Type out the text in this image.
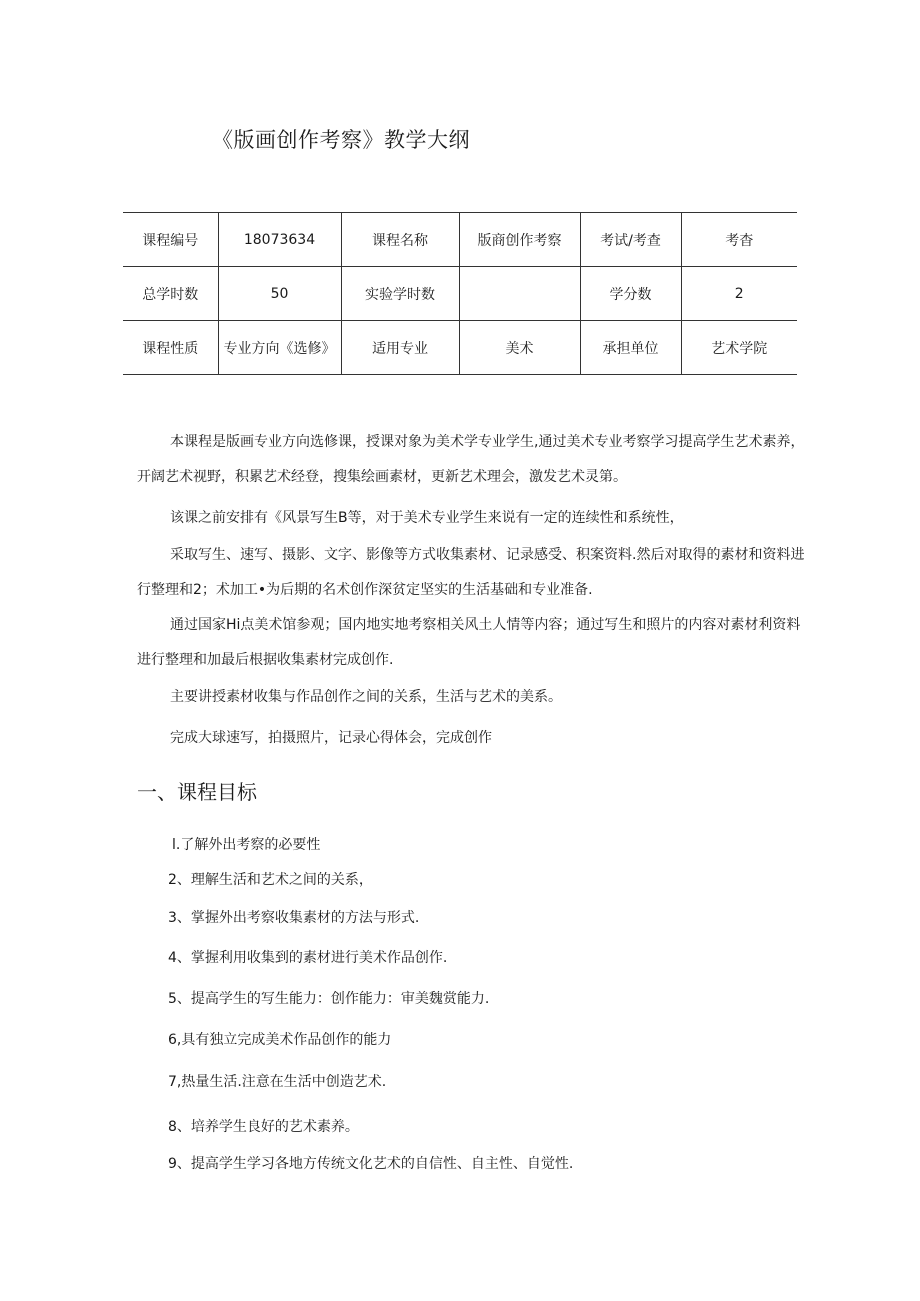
《版画创作考察》教学大纲
课程编号	18073634	课程名称	版商创作考察	考试/考查	考杳
总学时数	50	实验学时数		学分数	2
课程性质	专业方向《选修》	适用专业	美术	承担单位	艺术学院

本课程是版画专业方向选修课，授课对象为美术学专业学生,通过美术专业考察学习提高学生艺术素养，开阔艺术视野，积累艺术经登，搜集绘画素材，更新艺术理会，激发艺术灵第。

该课之前安排有《风景写生B等，对于美术专业学生来说有一定的连续性和系统性，

采取写生、速写、摄影、文字、影像等方式收集素材、记录感受、积案资料.然后对取得的素材和资料进行整理和2；术加工•为后期的名术创作深贫定坚实的生活基础和专业准备.

通过国家Hi点美术馆参观；国内地实地考察相关风土人情等内容；通过写生和照片的内容对素材利资料进行整理和加最后根据收集素材完成创作.

主要讲授素材收集与作品创作之间的关系，生活与艺术的美系。

完成大球速写，拍摄照片，记录心得体会，完成创作

一、课程目标

l.了解外出考察的必要性

2、理解生活和艺术之间的关系，

3、掌握外出考察收集素材的方法与形式.

4、掌握利用收集到的素材进行美术作品创作.

5、提高学生的写生能力：创作能力：审美魏赏能力.

6,具有独立完成美术作品创作的能力

7,热量生活.注意在生活中创造艺术.

8、培养学生良好的艺术素养。

9、提高学生学习各地方传统文化艺术的自信性、自主性、自觉性.
